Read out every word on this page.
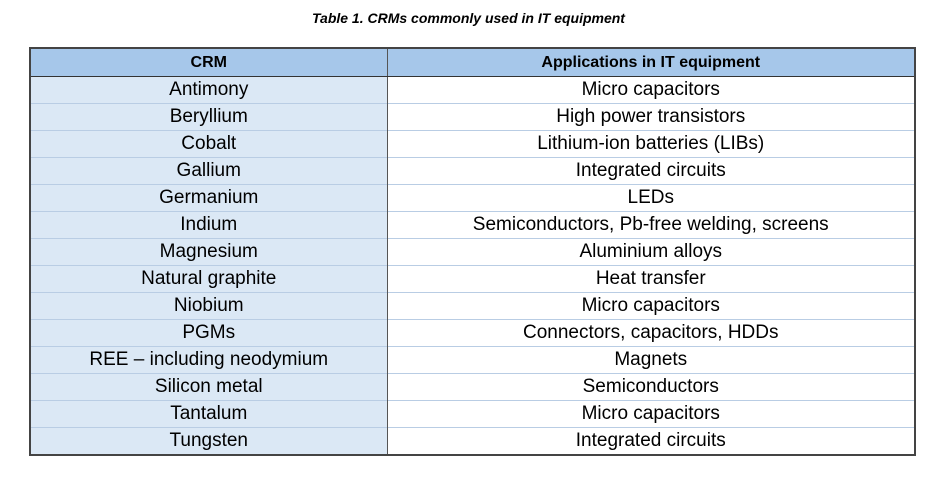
Table 1. CRMs commonly used in IT equipment
CRM	Applications in IT equipment
Antimony	Micro capacitors
Beryllium	High power transistors
Cobalt	Lithium-ion batteries (LIBs)
Gallium	Integrated circuits
Germanium	LEDs
Indium	Semiconductors, Pb-free welding, screens
Magnesium	Aluminium alloys
Natural graphite	Heat transfer
Niobium	Micro capacitors
PGMs	Connectors, capacitors, HDDs
REE – including neodymium	Magnets
Silicon metal	Semiconductors
Tantalum	Micro capacitors
Tungsten	Integrated circuits
